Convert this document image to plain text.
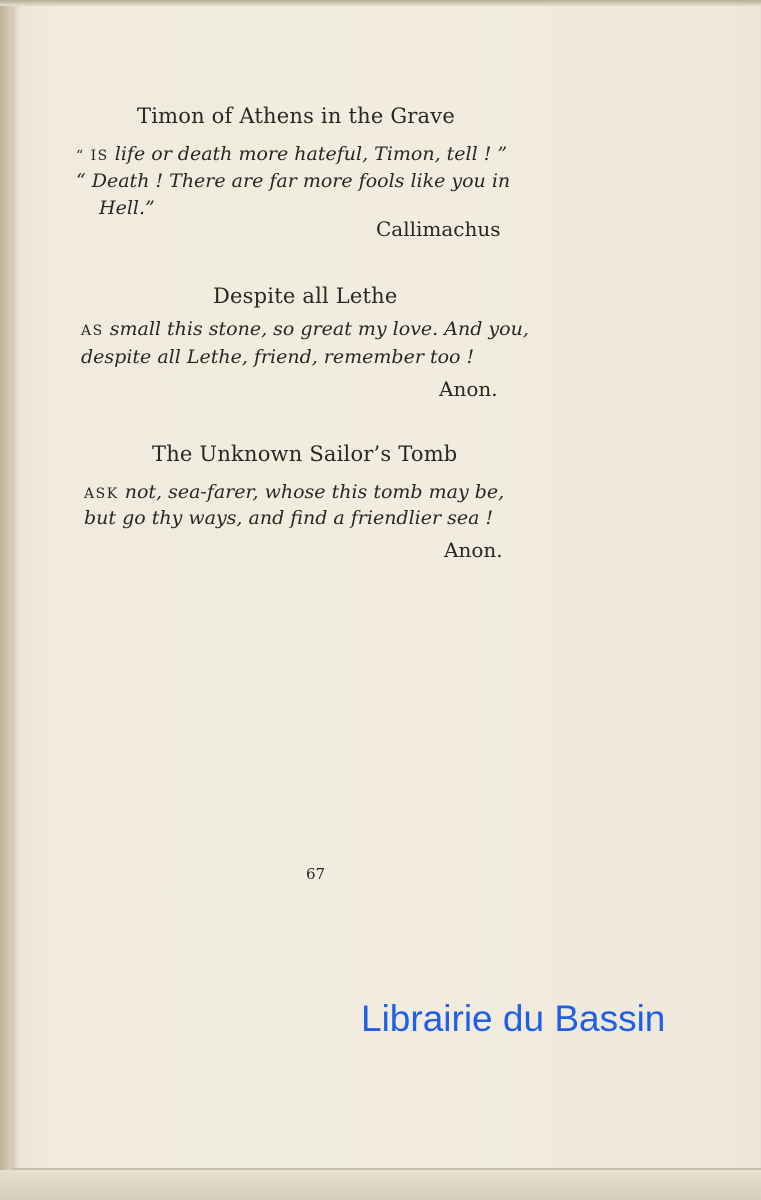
Timon of Athens in the Grave
“ IS life or death more hateful, Timon, tell ! ”
“ Death ! There are far more fools like you in
Hell.”
Callimachus
Despite all Lethe
AS small this stone, so great my love. And you,
despite all Lethe, friend, remember too !
Anon.
The Unknown Sailor’s Tomb
ASK not, sea-farer, whose this tomb may be,
but go thy ways, and find a friendlier sea !
Anon.
67
Librairie du Bassin
